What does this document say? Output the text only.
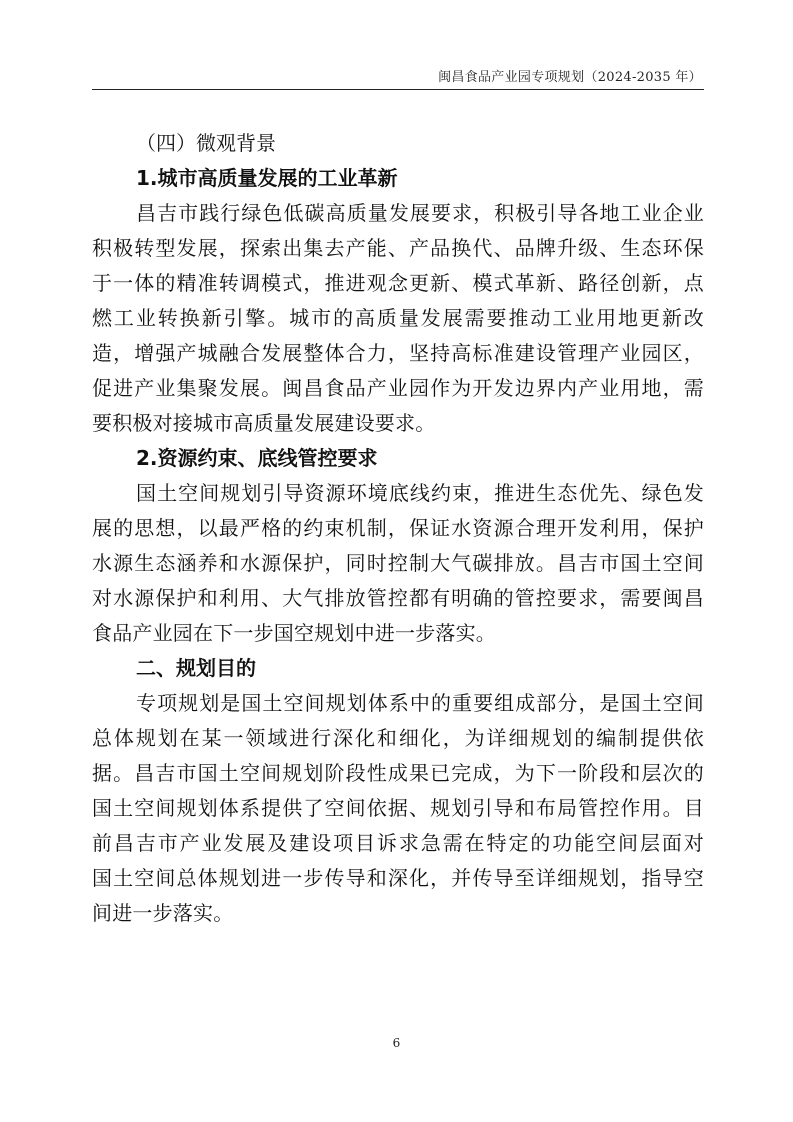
闽昌食品产业园专项规划（2024-2035 年）
（四）微观背景
1.城市高质量发展的工业革新
昌吉市践行绿色低碳高质量发展要求，积极引导各地工业企业
积极转型发展，探索出集去产能、产品换代、品牌升级、生态环保
于一体的精准转调模式，推进观念更新、模式革新、路径创新，点
燃工业转换新引擎。城市的高质量发展需要推动工业用地更新改
造，增强产城融合发展整体合力，坚持高标准建设管理产业园区，
促进产业集聚发展。闽昌食品产业园作为开发边界内产业用地，需
要积极对接城市高质量发展建设要求。
2.资源约束、底线管控要求
国土空间规划引导资源环境底线约束，推进生态优先、绿色发
展的思想，以最严格的约束机制，保证水资源合理开发利用，保护
水源生态涵养和水源保护，同时控制大气碳排放。昌吉市国土空间
对水源保护和利用、大气排放管控都有明确的管控要求，需要闽昌
食品产业园在下一步国空规划中进一步落实。
二、规划目的
专项规划是国土空间规划体系中的重要组成部分，是国土空间
总体规划在某一领域进行深化和细化，为详细规划的编制提供依
据。昌吉市国土空间规划阶段性成果已完成，为下一阶段和层次的
国土空间规划体系提供了空间依据、规划引导和布局管控作用。目
前昌吉市产业发展及建设项目诉求急需在特定的功能空间层面对
国土空间总体规划进一步传导和深化，并传导至详细规划，指导空
间进一步落实。
6
